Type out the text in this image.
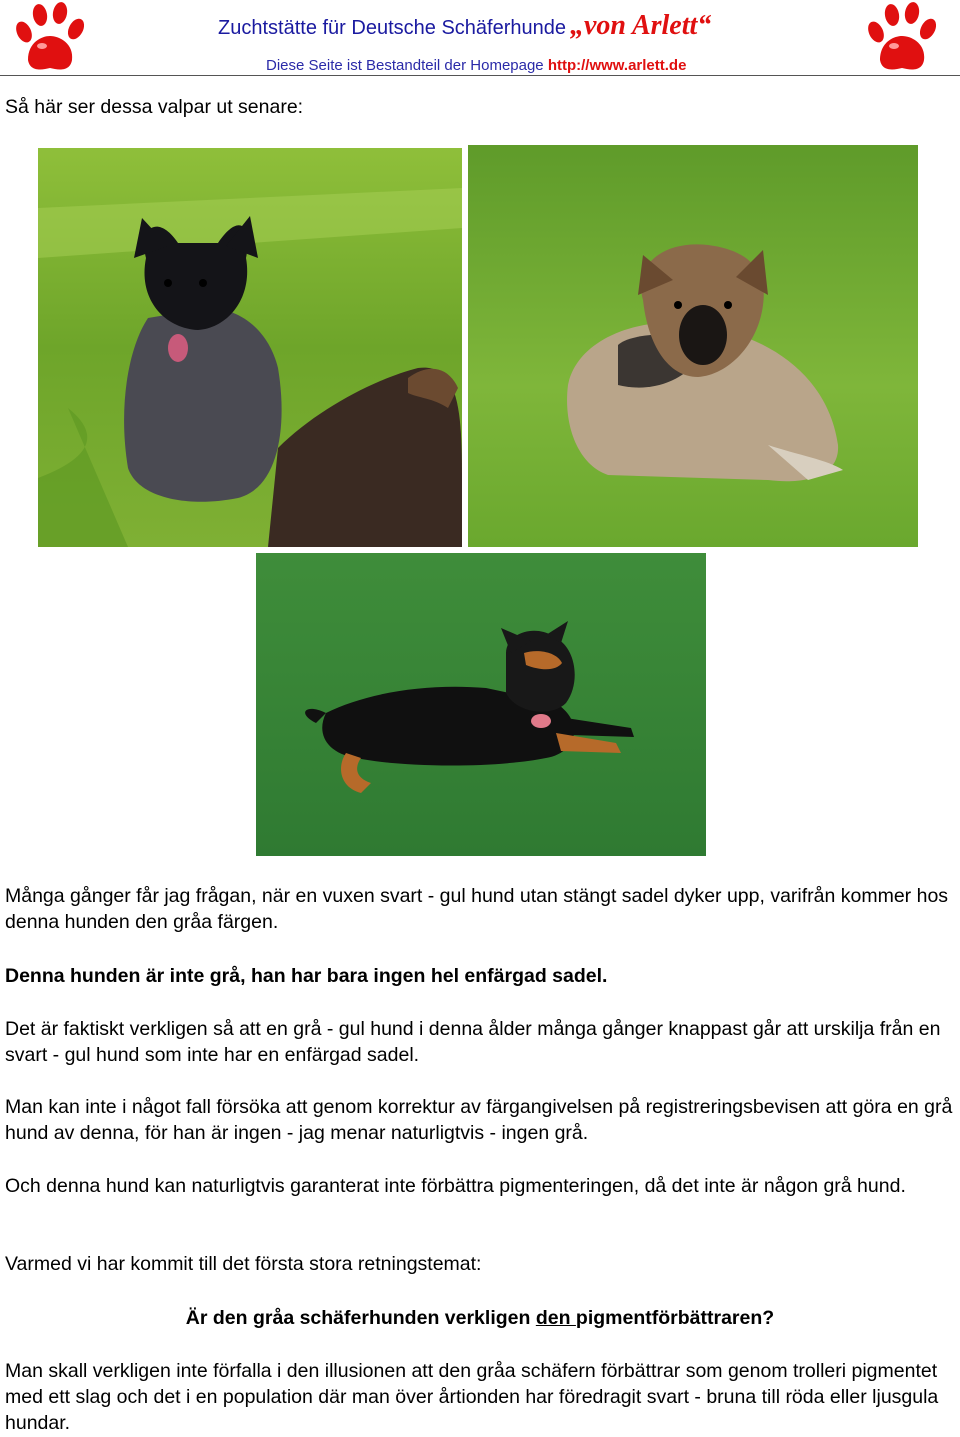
Zuchtstätte für Deutsche Schäferhunde „von Arlett“
Diese Seite ist Bestandteil der Homepage http://www.arlett.de

Så här ser dessa valpar ut senare:

Många gånger får jag frågan, när en vuxen svart - gul hund utan stängt sadel dyker upp, varifrån kommer hos denna hunden den gråa färgen.

Denna hunden är inte grå, han har bara ingen hel enfärgad sadel.

Det är faktiskt verkligen så att en grå - gul hund i denna ålder många gånger knappast går att urskilja från en svart - gul hund som inte har en enfärgad sadel.

Man kan inte i något fall försöka att genom korrektur av färgangivelsen på registreringsbevisen att göra en grå hund av denna, för han är ingen - jag menar naturligtvis - ingen grå.

Och denna hund kan naturligtvis garanterat inte förbättra pigmenteringen, då det inte är någon grå hund.

Varmed vi har kommit till det första stora retningstemat:

Är den gråa schäferhunden verkligen den pigmentförbättraren?

Man skall verkligen inte förfalla i den illusionen att den gråa schäfern förbättrar som genom trolleri pigmentet med ett slag och det i en population där man över årtionden har föredragit svart - bruna till röda eller ljusgula hundar.
